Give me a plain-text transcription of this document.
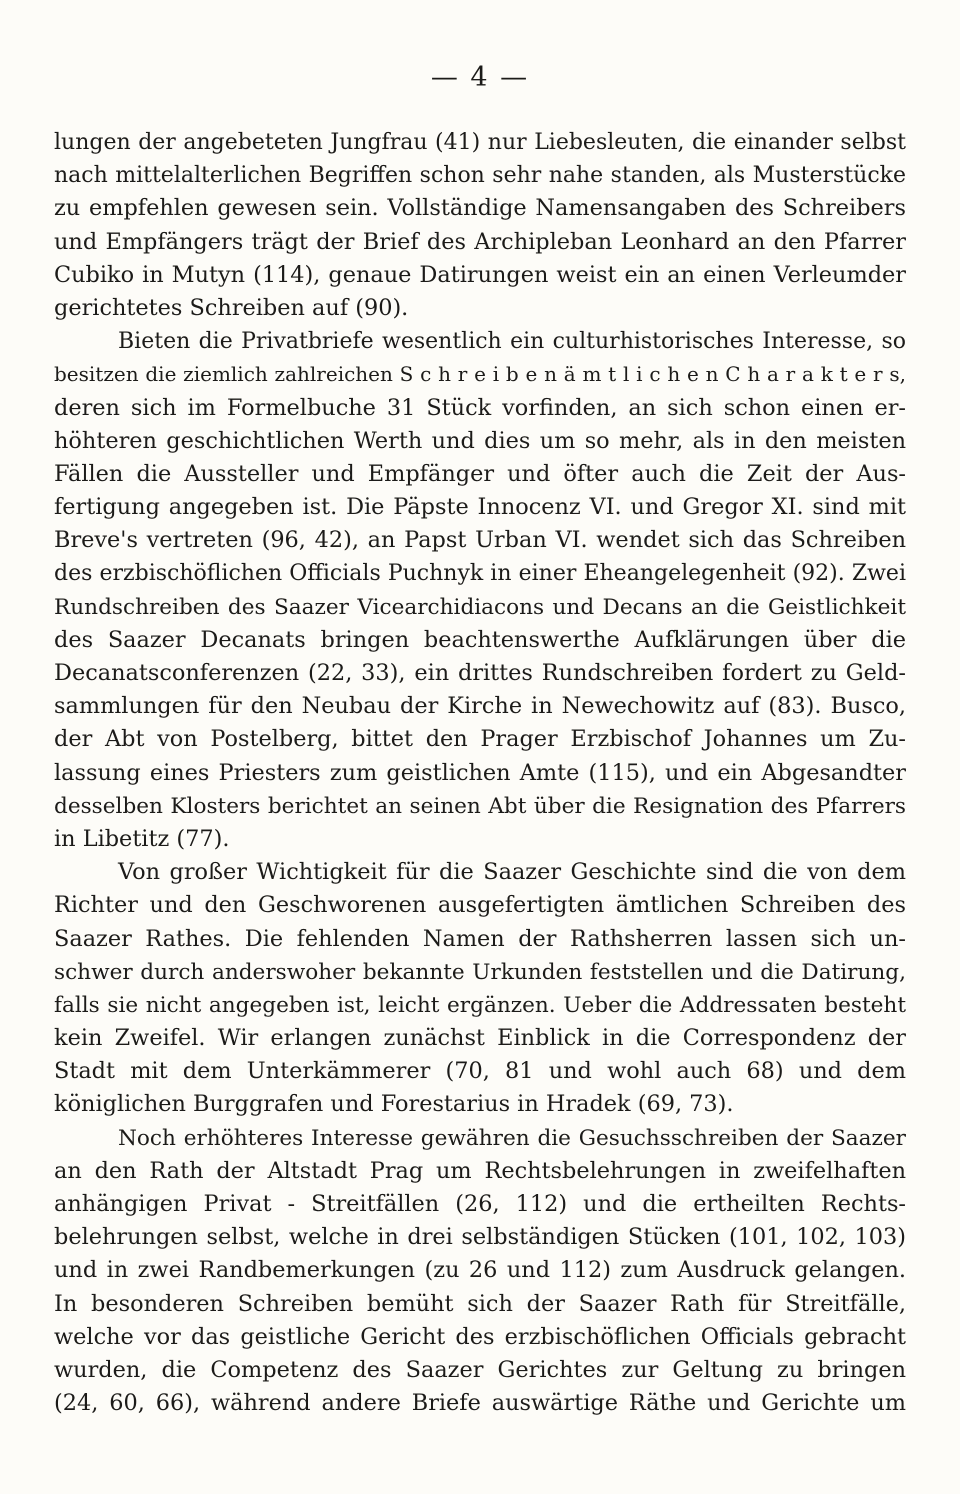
— 4 —
lungen der angebeteten Jungfrau (41) nur Liebesleuten, die einander selbst
nach mittelalterlichen Begriffen schon sehr nahe standen, als Musterstücke
zu empfehlen gewesen sein. Vollständige Namensangaben des Schreibers
und Empfängers trägt der Brief des Archipleban Leonhard an den Pfarrer
Cubiko in Mutyn (114), genaue Datirungen weist ein an einen Verleumder
gerichtetes Schreiben auf (90).
Bieten die Privatbriefe wesentlich ein culturhistorisches Interesse, so
besitzen die ziemlich zahlreichen S c h r e i b e n ä m t l i c h e n C h a r a k t e r s,
deren sich im Formelbuche 31 Stück vorfinden, an sich schon einen er-
höhteren geschichtlichen Werth und dies um so mehr, als in den meisten
Fällen die Aussteller und Empfänger und öfter auch die Zeit der Aus-
fertigung angegeben ist. Die Päpste Innocenz VI. und Gregor XI. sind mit
Breve's vertreten (96, 42), an Papst Urban VI. wendet sich das Schreiben
des erzbischöflichen Officials Puchnyk in einer Eheangelegenheit (92). Zwei
Rundschreiben des Saazer Vicearchidiacons und Decans an die Geistlichkeit
des Saazer Decanats bringen beachtenswerthe Aufklärungen über die
Decanatsconferenzen (22, 33), ein drittes Rundschreiben fordert zu Geld-
sammlungen für den Neubau der Kirche in Newechowitz auf (83). Busco,
der Abt von Postelberg, bittet den Prager Erzbischof Johannes um Zu-
lassung eines Priesters zum geistlichen Amte (115), und ein Abgesandter
desselben Klosters berichtet an seinen Abt über die Resignation des Pfarrers
in Libetitz (77).
Von großer Wichtigkeit für die Saazer Geschichte sind die von dem
Richter und den Geschworenen ausgefertigten ämtlichen Schreiben des
Saazer Rathes. Die fehlenden Namen der Rathsherren lassen sich un-
schwer durch anderswoher bekannte Urkunden feststellen und die Datirung,
falls sie nicht angegeben ist, leicht ergänzen. Ueber die Addressaten besteht
kein Zweifel. Wir erlangen zunächst Einblick in die Correspondenz der
Stadt mit dem Unterkämmerer (70, 81 und wohl auch 68) und dem
königlichen Burggrafen und Forestarius in Hradek (69, 73).
Noch erhöhteres Interesse gewähren die Gesuchsschreiben der Saazer
an den Rath der Altstadt Prag um Rechtsbelehrungen in zweifelhaften
anhängigen Privat - Streitfällen (26, 112) und die ertheilten Rechts-
belehrungen selbst, welche in drei selbständigen Stücken (101, 102, 103)
und in zwei Randbemerkungen (zu 26 und 112) zum Ausdruck gelangen.
In besonderen Schreiben bemüht sich der Saazer Rath für Streitfälle,
welche vor das geistliche Gericht des erzbischöflichen Officials gebracht
wurden, die Competenz des Saazer Gerichtes zur Geltung zu bringen
(24, 60, 66), während andere Briefe auswärtige Räthe und Gerichte um
